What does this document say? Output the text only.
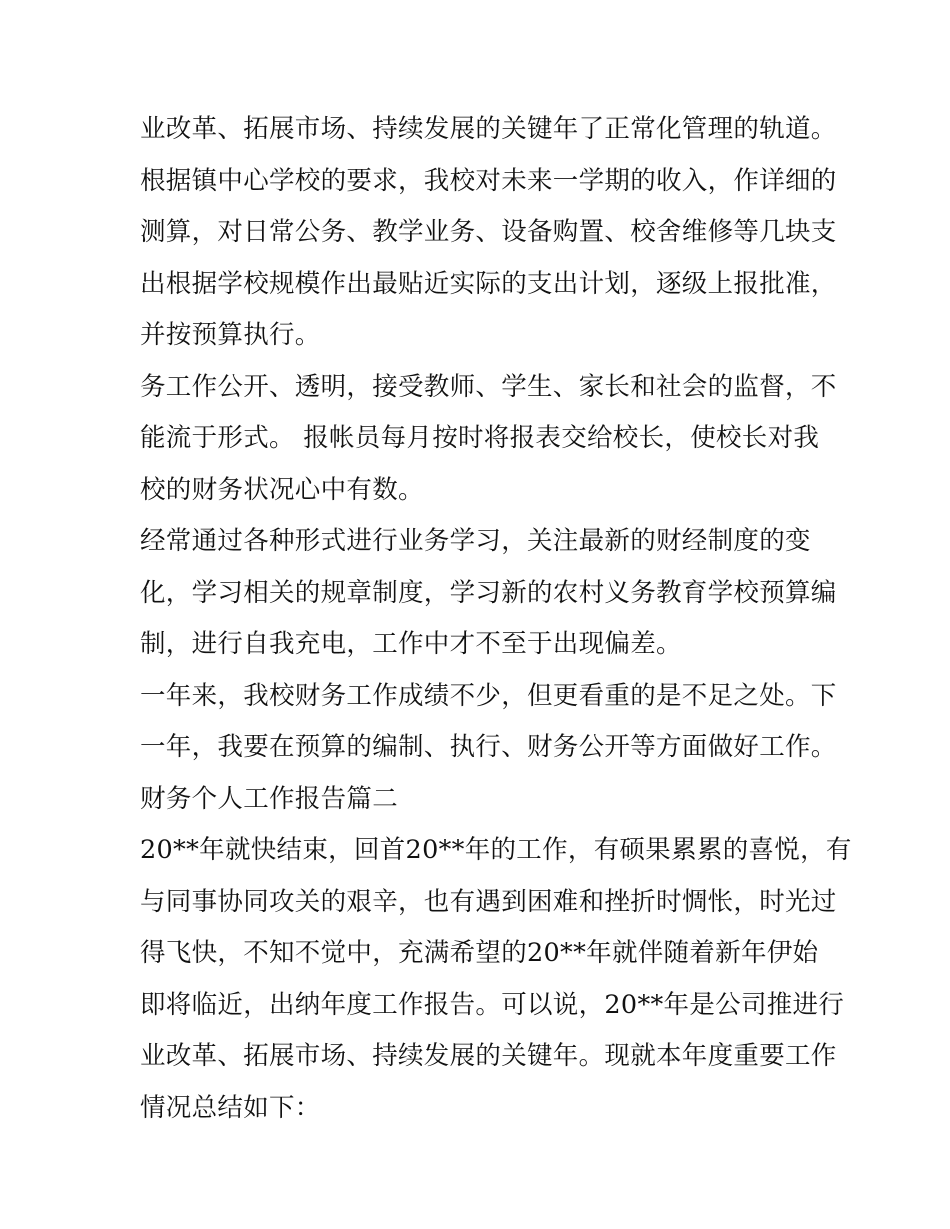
业改革、拓展市场、持续发展的关键年了正常化管理的轨道。
根据镇中心学校的要求，我校对未来一学期的收入，作详细的
测算，对日常公务、教学业务、设备购置、校舍维修等几块支
出根据学校规模作出最贴近实际的支出计划，逐级上报批准，
并按预算执行。
务工作公开、透明，接受教师、学生、家长和社会的监督，不
能流于形式。 报帐员每月按时将报表交给校长，使校长对我
校的财务状况心中有数。
经常通过各种形式进行业务学习，关注最新的财经制度的变
化，学习相关的规章制度，学习新的农村义务教育学校预算编
制，进行自我充电，工作中才不至于出现偏差。
一年来，我校财务工作成绩不少，但更看重的是不足之处。下
一年，我要在预算的编制、执行、财务公开等方面做好工作。
财务个人工作报告篇二
20**年就快结束，回首20**年的工作，有硕果累累的喜悦，有
与同事协同攻关的艰辛，也有遇到困难和挫折时惆怅，时光过
得飞快，不知不觉中，充满希望的20**年就伴随着新年伊始
即将临近，出纳年度工作报告。可以说，20**年是公司推进行
业改革、拓展市场、持续发展的关键年。现就本年度重要工作
情况总结如下：
